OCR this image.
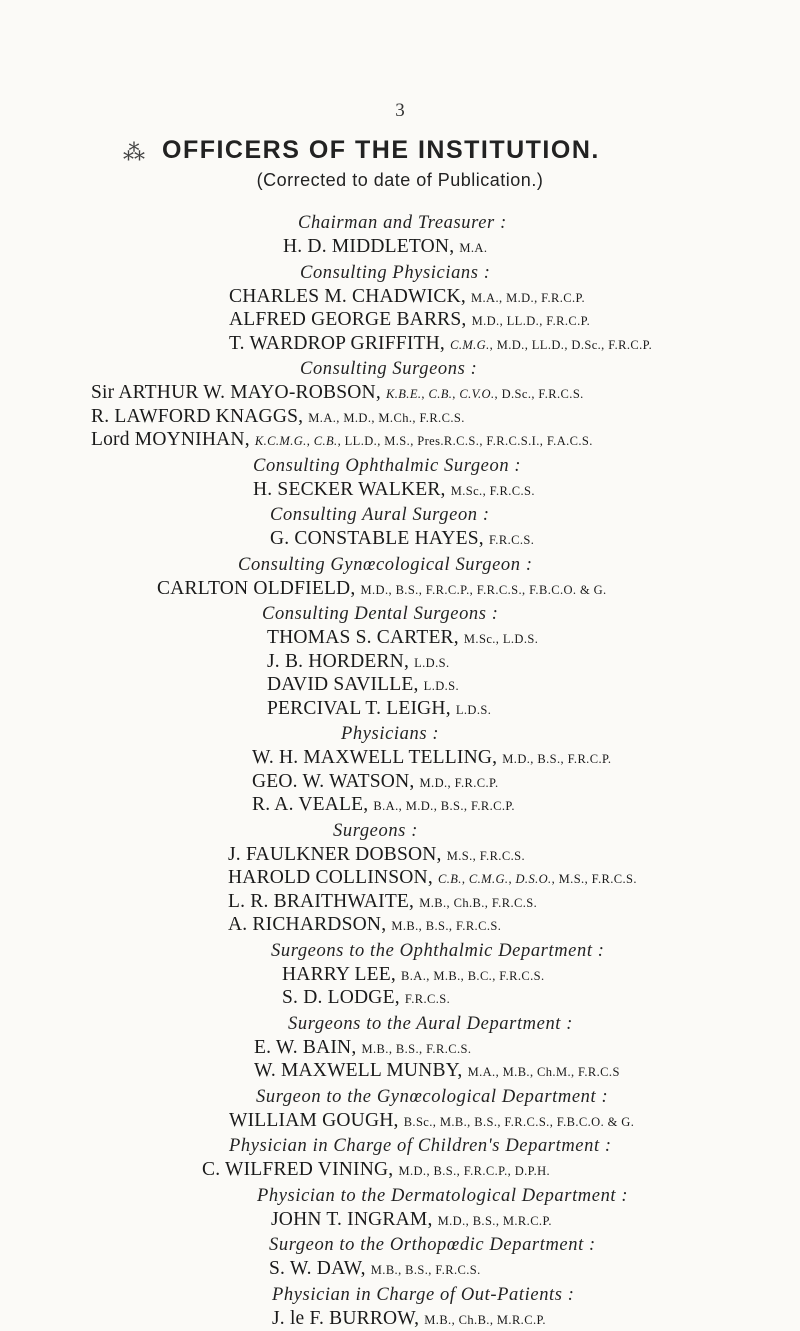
3
⁂ OFFICERS OF THE INSTITUTION.
(Corrected to date of Publication.)
Chairman and Treasurer :
H. D. MIDDLETON, M.A.
Consulting Physicians :
CHARLES M. CHADWICK, M.A., M.D., F.R.C.P.
ALFRED GEORGE BARRS, M.D., LL.D., F.R.C.P.
T. WARDROP GRIFFITH, C.M.G., M.D., LL.D., D.Sc., F.R.C.P.
Consulting Surgeons :
Sir ARTHUR W. MAYO-ROBSON, K.B.E., C.B., C.V.O., D.Sc., F.R.C.S.
R. LAWFORD KNAGGS, M.A., M.D., M.Ch., F.R.C.S.
Lord MOYNIHAN, K.C.M.G., C.B., LL.D., M.S., Pres.R.C.S., F.R.C.S.I., F.A.C.S.
Consulting Ophthalmic Surgeon :
H. SECKER WALKER, M.Sc., F.R.C.S.
Consulting Aural Surgeon :
G. CONSTABLE HAYES, F.R.C.S.
Consulting Gynœcological Surgeon :
CARLTON OLDFIELD, M.D., B.S., F.R.C.P., F.R.C.S., F.B.C.O. & G.
Consulting Dental Surgeons :
THOMAS S. CARTER, M.Sc., L.D.S.
J. B. HORDERN, L.D.S.
DAVID SAVILLE, L.D.S.
PERCIVAL T. LEIGH, L.D.S.
Physicians :
W. H. MAXWELL TELLING, M.D., B.S., F.R.C.P.
GEO. W. WATSON, M.D., F.R.C.P.
R. A. VEALE, B.A., M.D., B.S., F.R.C.P.
Surgeons :
J. FAULKNER DOBSON, M.S., F.R.C.S.
HAROLD COLLINSON, C.B., C.M.G., D.S.O., M.S., F.R.C.S.
L. R. BRAITHWAITE, M.B., Ch.B., F.R.C.S.
A. RICHARDSON, M.B., B.S., F.R.C.S.
Surgeons to the Ophthalmic Department :
HARRY LEE, B.A., M.B., B.C., F.R.C.S.
S. D. LODGE, F.R.C.S.
Surgeons to the Aural Department :
E. W. BAIN, M.B., B.S., F.R.C.S.
W. MAXWELL MUNBY, M.A., M.B., Ch.M., F.R.C.S
Surgeon to the Gynœcological Department :
WILLIAM GOUGH, B.Sc., M.B., B.S., F.R.C.S., F.B.C.O. & G.
Physician in Charge of Children's Department :
C. WILFRED VINING, M.D., B.S., F.R.C.P., D.P.H.
Physician to the Dermatological Department :
JOHN T. INGRAM, M.D., B.S., M.R.C.P.
Surgeon to the Orthopœdic Department :
S. W. DAW, M.B., B.S., F.R.C.S.
Physician in Charge of Out-Patients :
J. le F. BURROW, M.B., Ch.B., M.R.C.P.
